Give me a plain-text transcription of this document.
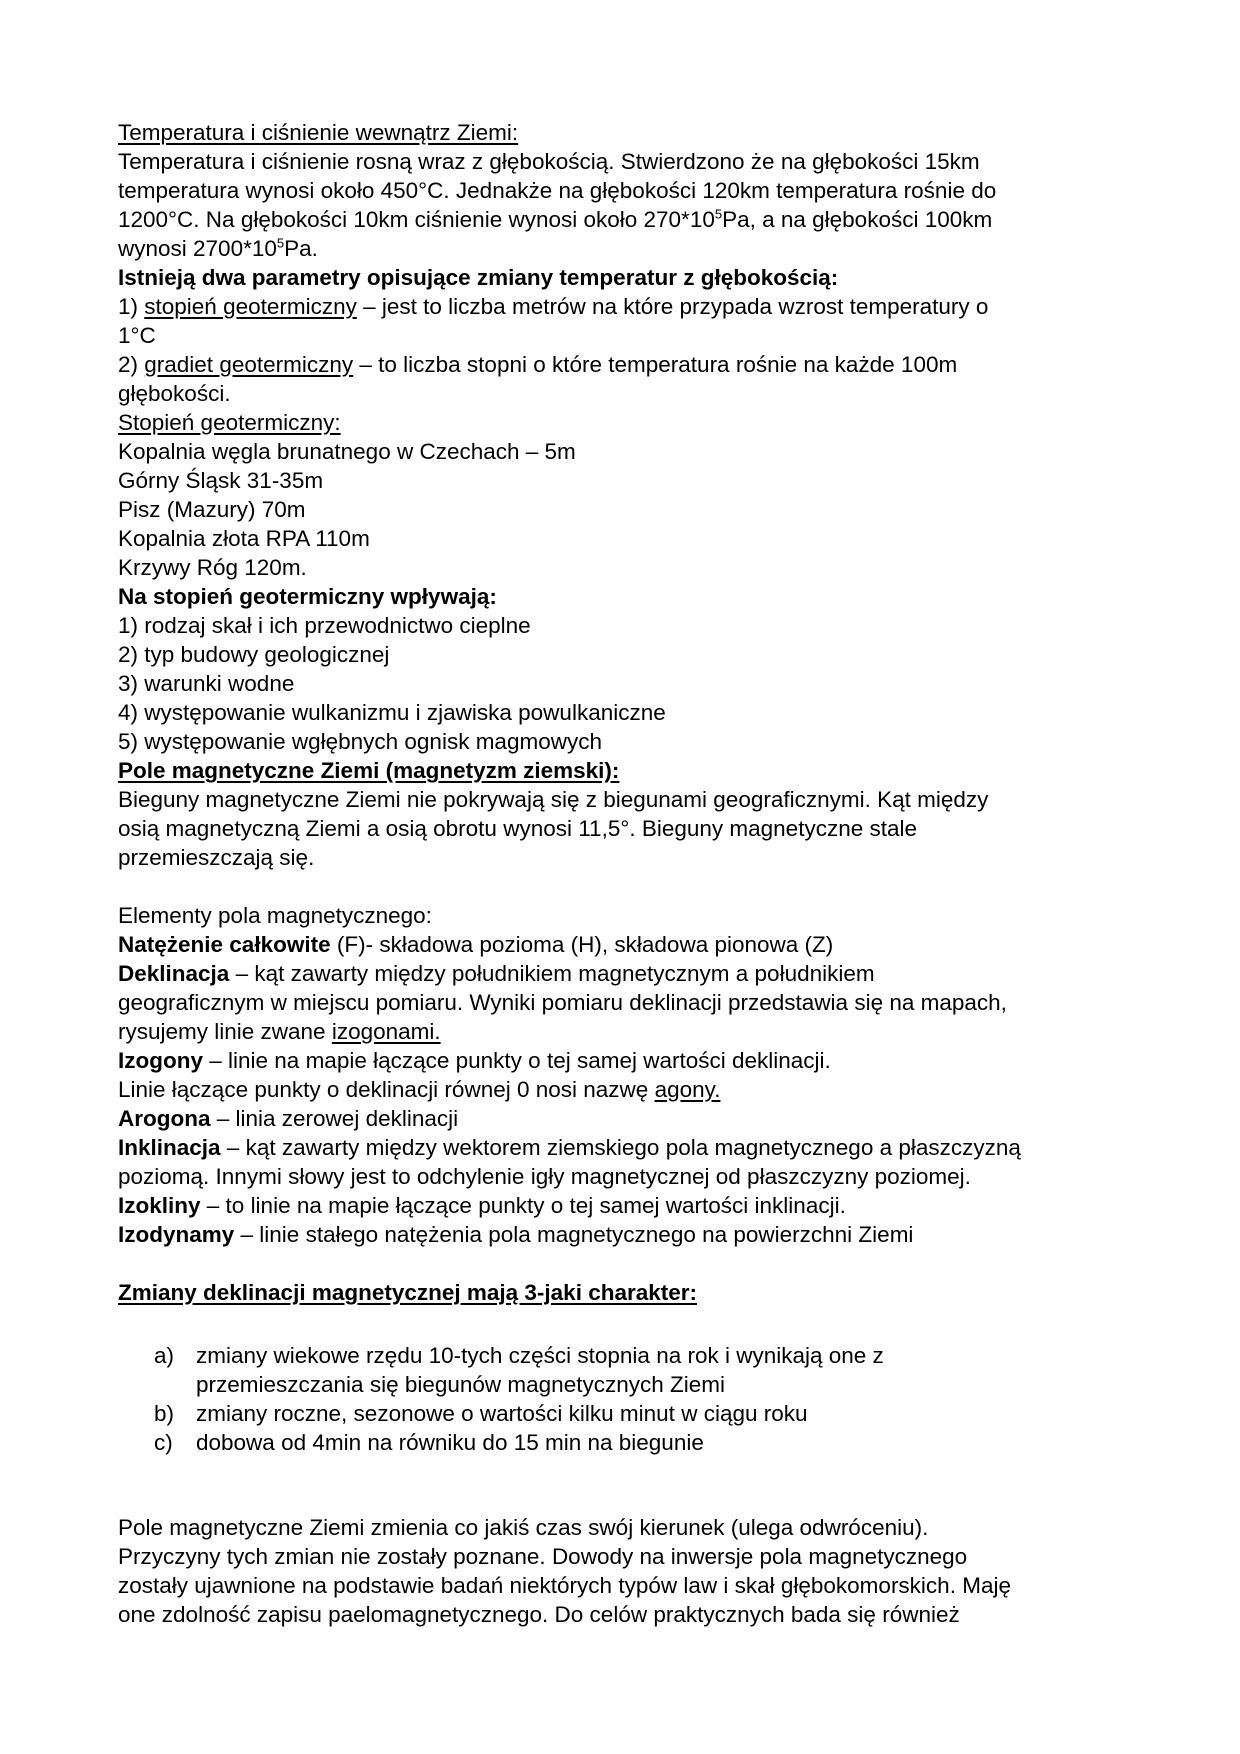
Temperatura i ciśnienie wewnątrz Ziemi:
Temperatura i ciśnienie rosną wraz z głębokością. Stwierdzono że na głębokości 15km
temperatura wynosi około 450°C. Jednakże na głębokości 120km temperatura rośnie do
1200°C. Na głębokości 10km ciśnienie wynosi około $270*10^5Pa$, a na głębokości 100km
wynosi $2700*10^5Pa$.
Istnieją dwa parametry opisujące zmiany temperatur z głębokością:
1) stopień geotermiczny – jest to liczba metrów na które przypada wzrost temperatury o
1°C
2) gradiet geotermiczny – to liczba stopni o które temperatura rośnie na każde 100m
głębokości.
Stopień geotermiczny:
Kopalnia węgla brunatnego w Czechach – 5m
Górny Śląsk 31-35m
Pisz (Mazury) 70m
Kopalnia złota RPA 110m
Krzywy Róg 120m.
Na stopień geotermiczny wpływają:
1) rodzaj skał i ich przewodnictwo cieplne
2) typ budowy geologicznej
3) warunki wodne
4) występowanie wulkanizmu i zjawiska powulkaniczne
5) występowanie wgłębnych ognisk magmowych
Pole magnetyczne Ziemi (magnetyzm ziemski):
Bieguny magnetyczne Ziemi nie pokrywają się z biegunami geograficznymi. Kąt między
osią magnetyczną Ziemi a osią obrotu wynosi 11,5°. Bieguny magnetyczne stale
przemieszczają się.
Elementy pola magnetycznego:
Natężenie całkowite (F)- składowa pozioma (H), składowa pionowa (Z)
Deklinacja – kąt zawarty między południkiem magnetycznym a południkiem
geograficznym w miejscu pomiaru. Wyniki pomiaru deklinacji przedstawia się na mapach,
rysujemy linie zwane izogonami.
Izogony – linie na mapie łączące punkty o tej samej wartości deklinacji.
Linie łączące punkty o deklinacji równej 0 nosi nazwę agony.
Arogona – linia zerowej deklinacji
Inklinacja – kąt zawarty między wektorem ziemskiego pola magnetycznego a płaszczyzną
poziomą. Innymi słowy jest to odchylenie igły magnetycznej od płaszczyzny poziomej.
Izokliny – to linie na mapie łączące punkty o tej samej wartości inklinacji.
Izodynamy – linie stałego natężenia pola magnetycznego na powierzchni Ziemi
Zmiany deklinacji magnetycznej mają 3-jaki charakter:
a) zmiany wiekowe rzędu 10-tych części stopnia na rok i wynikają one z
przemieszczania się biegunów magnetycznych Ziemi
b) zmiany roczne, sezonowe o wartości kilku minut w ciągu roku
c)	dobowa od 4min na równiku do 15 min na biegunie
Pole magnetyczne Ziemi zmienia co jakiś czas swój kierunek (ulega odwróceniu).
Przyczyny tych zmian nie zostały poznane. Dowody na inwersje pola magnetycznego
zostały ujawnione na podstawie badań niektórych typów law i skał głębokomorskich. Maję
one zdolność zapisu paelomagnetycznego. Do celów praktycznych bada się również
